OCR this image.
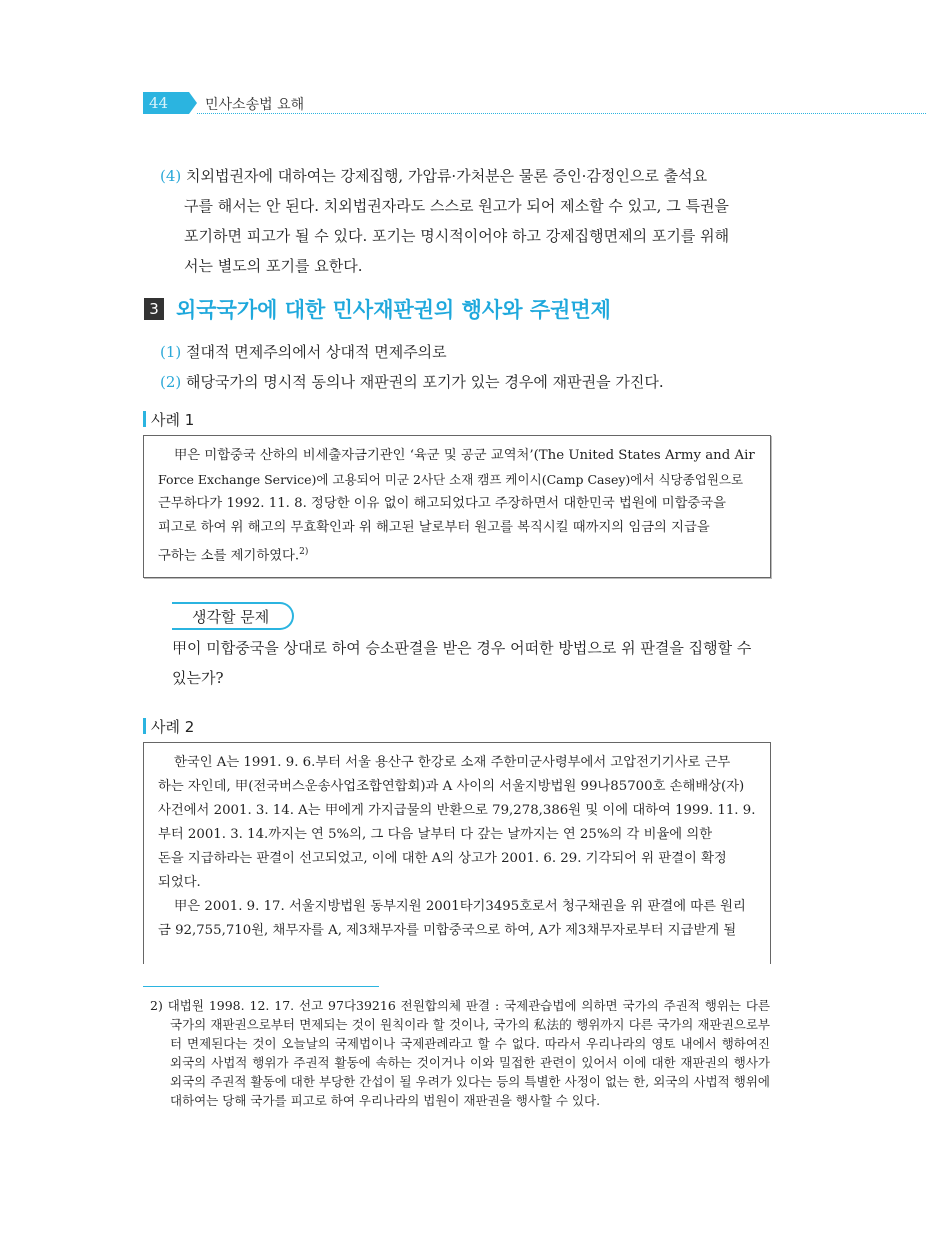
44	민사소송법 요해
(4) 치외법권자에 대하여는 강제집행, 가압류·가처분은 물론 증인·감정인으로 출석요
구를 해서는 안 된다. 치외법권자라도 스스로 원고가 되어 제소할 수 있고, 그 특권을
포기하면 피고가 될 수 있다. 포기는 명시적이어야 하고 강제집행면제의 포기를 위해
서는 별도의 포기를 요한다.
3 외국국가에 대한 민사재판권의 행사와 주권면제
(1) 절대적 면제주의에서 상대적 면제주의로
(2) 해당국가의 명시적 동의나 재판권의 포기가 있는 경우에 재판권을 가진다.
사례 1
甲은 미합중국 산하의 비세출자금기관인 ‘육군 및 공군 교역처’(The United States Army and Air
Force Exchange Service)에 고용되어 미군 2사단 소재 캠프 케이시(Camp Casey)에서 식당종업원으로
근무하다가 1992. 11. 8. 정당한 이유 없이 해고되었다고 주장하면서 대한민국 법원에 미합중국을
피고로 하여 위 해고의 무효확인과 위 해고된 날로부터 원고를 복직시킬 때까지의 임금의 지급을
구하는 소를 제기하였다.$^{2)}$
생각할 문제
甲이 미합중국을 상대로 하여 승소판결을 받은 경우 어떠한 방법으로 위 판결을 집행할 수
있는가?
사례 2
한국인 A는 1991. 9. 6.부터 서울 용산구 한강로 소재 주한미군사령부에서 고압전기기사로 근무
하는 자인데, 甲(전국버스운송사업조합연합회)과 A 사이의 서울지방법원 99나85700호 손해배상(자)
사건에서 2001. 3. 14. A는 甲에게 가지급물의 반환으로 79,278,386원 및 이에 대하여 1999. 11. 9.
부터 2001. 3. 14.까지는 연 5%의, 그 다음 날부터 다 갚는 날까지는 연 25%의 각 비율에 의한
돈을 지급하라는 판결이 선고되었고, 이에 대한 A의 상고가 2001. 6. 29. 기각되어 위 판결이 확정
되었다.
甲은 2001. 9. 17. 서울지방법원 동부지원 2001타기3495호로서 청구채권을 위 판결에 따른 원리
금 92,755,710원, 채무자를 A, 제3채무자를 미합중국으로 하여, A가 제3채무자로부터 지급받게 될
2) 대법원 1998. 12. 17. 선고 97다39216 전원합의체 판결 : 국제관습법에 의하면 국가의 주권적 행위는 다른 국가의 재판권으로부터 면제되는 것이 원칙이라 할 것이나, 국가의 私法的 행위까지 다른 국가의 재판권으로부터 면제된다는 것이 오늘날의 국제법이나 국제관례라고 할 수 없다. 따라서 우리나라의 영토 내에서 행하여진 외국의 사법적 행위가 주권적 활동에 속하는 것이거나 이와 밀접한 관련이 있어서 이에 대한 재판권의 행사가 외국의 주권적 활동에 대한 부당한 간섭이 될 우려가 있다는 등의 특별한 사정이 없는 한, 외국의 사법적 행위에 대하여는 당해 국가를 피고로 하여 우리나라의 법원이 재판권을 행사할 수 있다.
